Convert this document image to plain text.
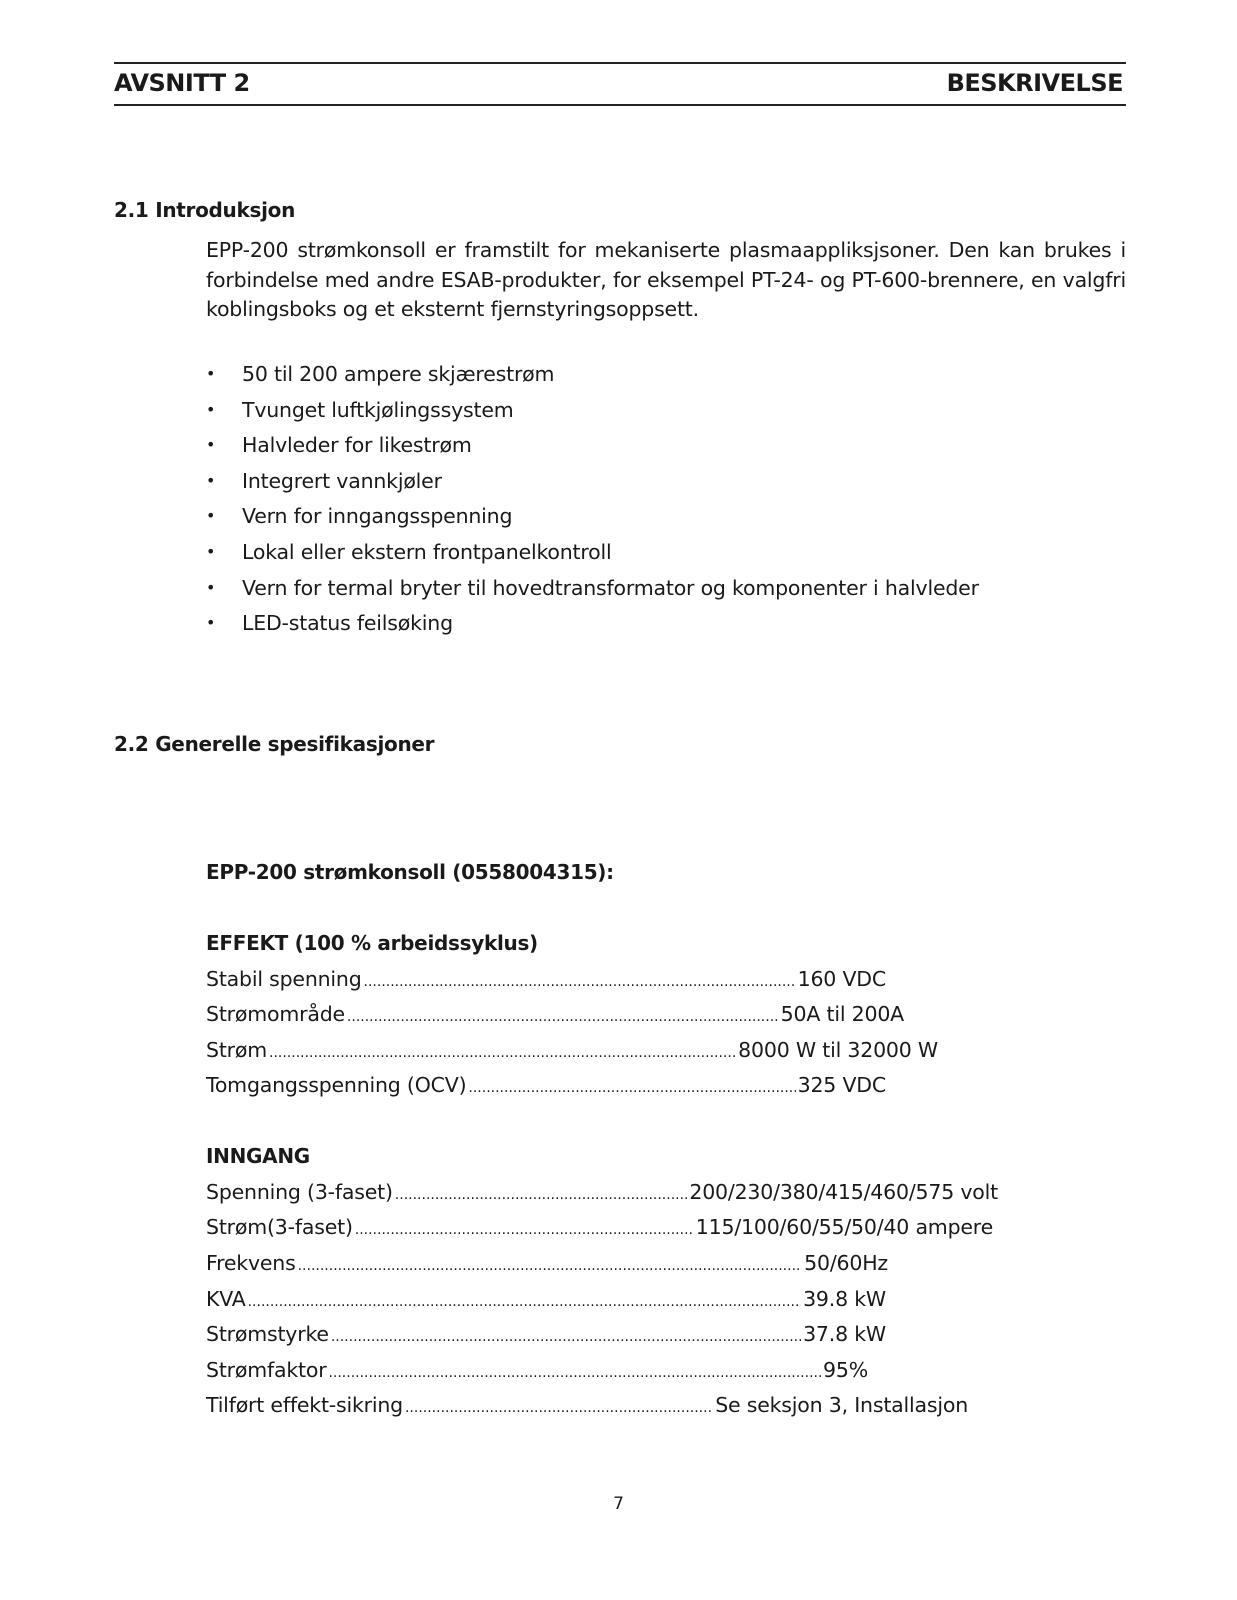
AVSNITT 2	BESKRIVELSE
2.1 Introduksjon
EPP-200 strømkonsoll er framstilt for mekaniserte plasmaappliksjsoner. Den kan brukes i forbindelse med andre ESAB-produkter, for eksempel PT-24- og PT-600-brennere, en valgfri koblingsboks og et eksternt fjernstyringsoppsett.
• 50 til 200 ampere skjærestrøm
• Tvunget luftkjølingssystem
• Halvleder for likestrøm
• Integrert vannkjøler
• Vern for inngangsspenning
• Lokal eller ekstern frontpanelkontroll
• Vern for termal bryter til hovedtransformator og komponenter i halvleder
• LED-status feilsøking
2.2 Generelle spesifikasjoner
EPP-200 strømkonsoll (0558004315):
EFFEKT (100 % arbeidssyklus)
Stabil spenning .....	160 VDC
Strømområde .....	50A til 200A
Strøm .....	8000 W til 32000 W
Tomgangsspenning (OCV) .....	325 VDC
INNGANG
Spenning (3-faset) .....	200/230/380/415/460/575 volt
Strøm(3-faset) .....	115/100/60/55/50/40 ampere
Frekvens .....	50/60Hz
KVA .....	39.8 kW
Strømstyrke .....	37.8 kW
Strømfaktor .....	95%
Tilført effekt-sikring .....	Se seksjon 3, Installasjon
7
